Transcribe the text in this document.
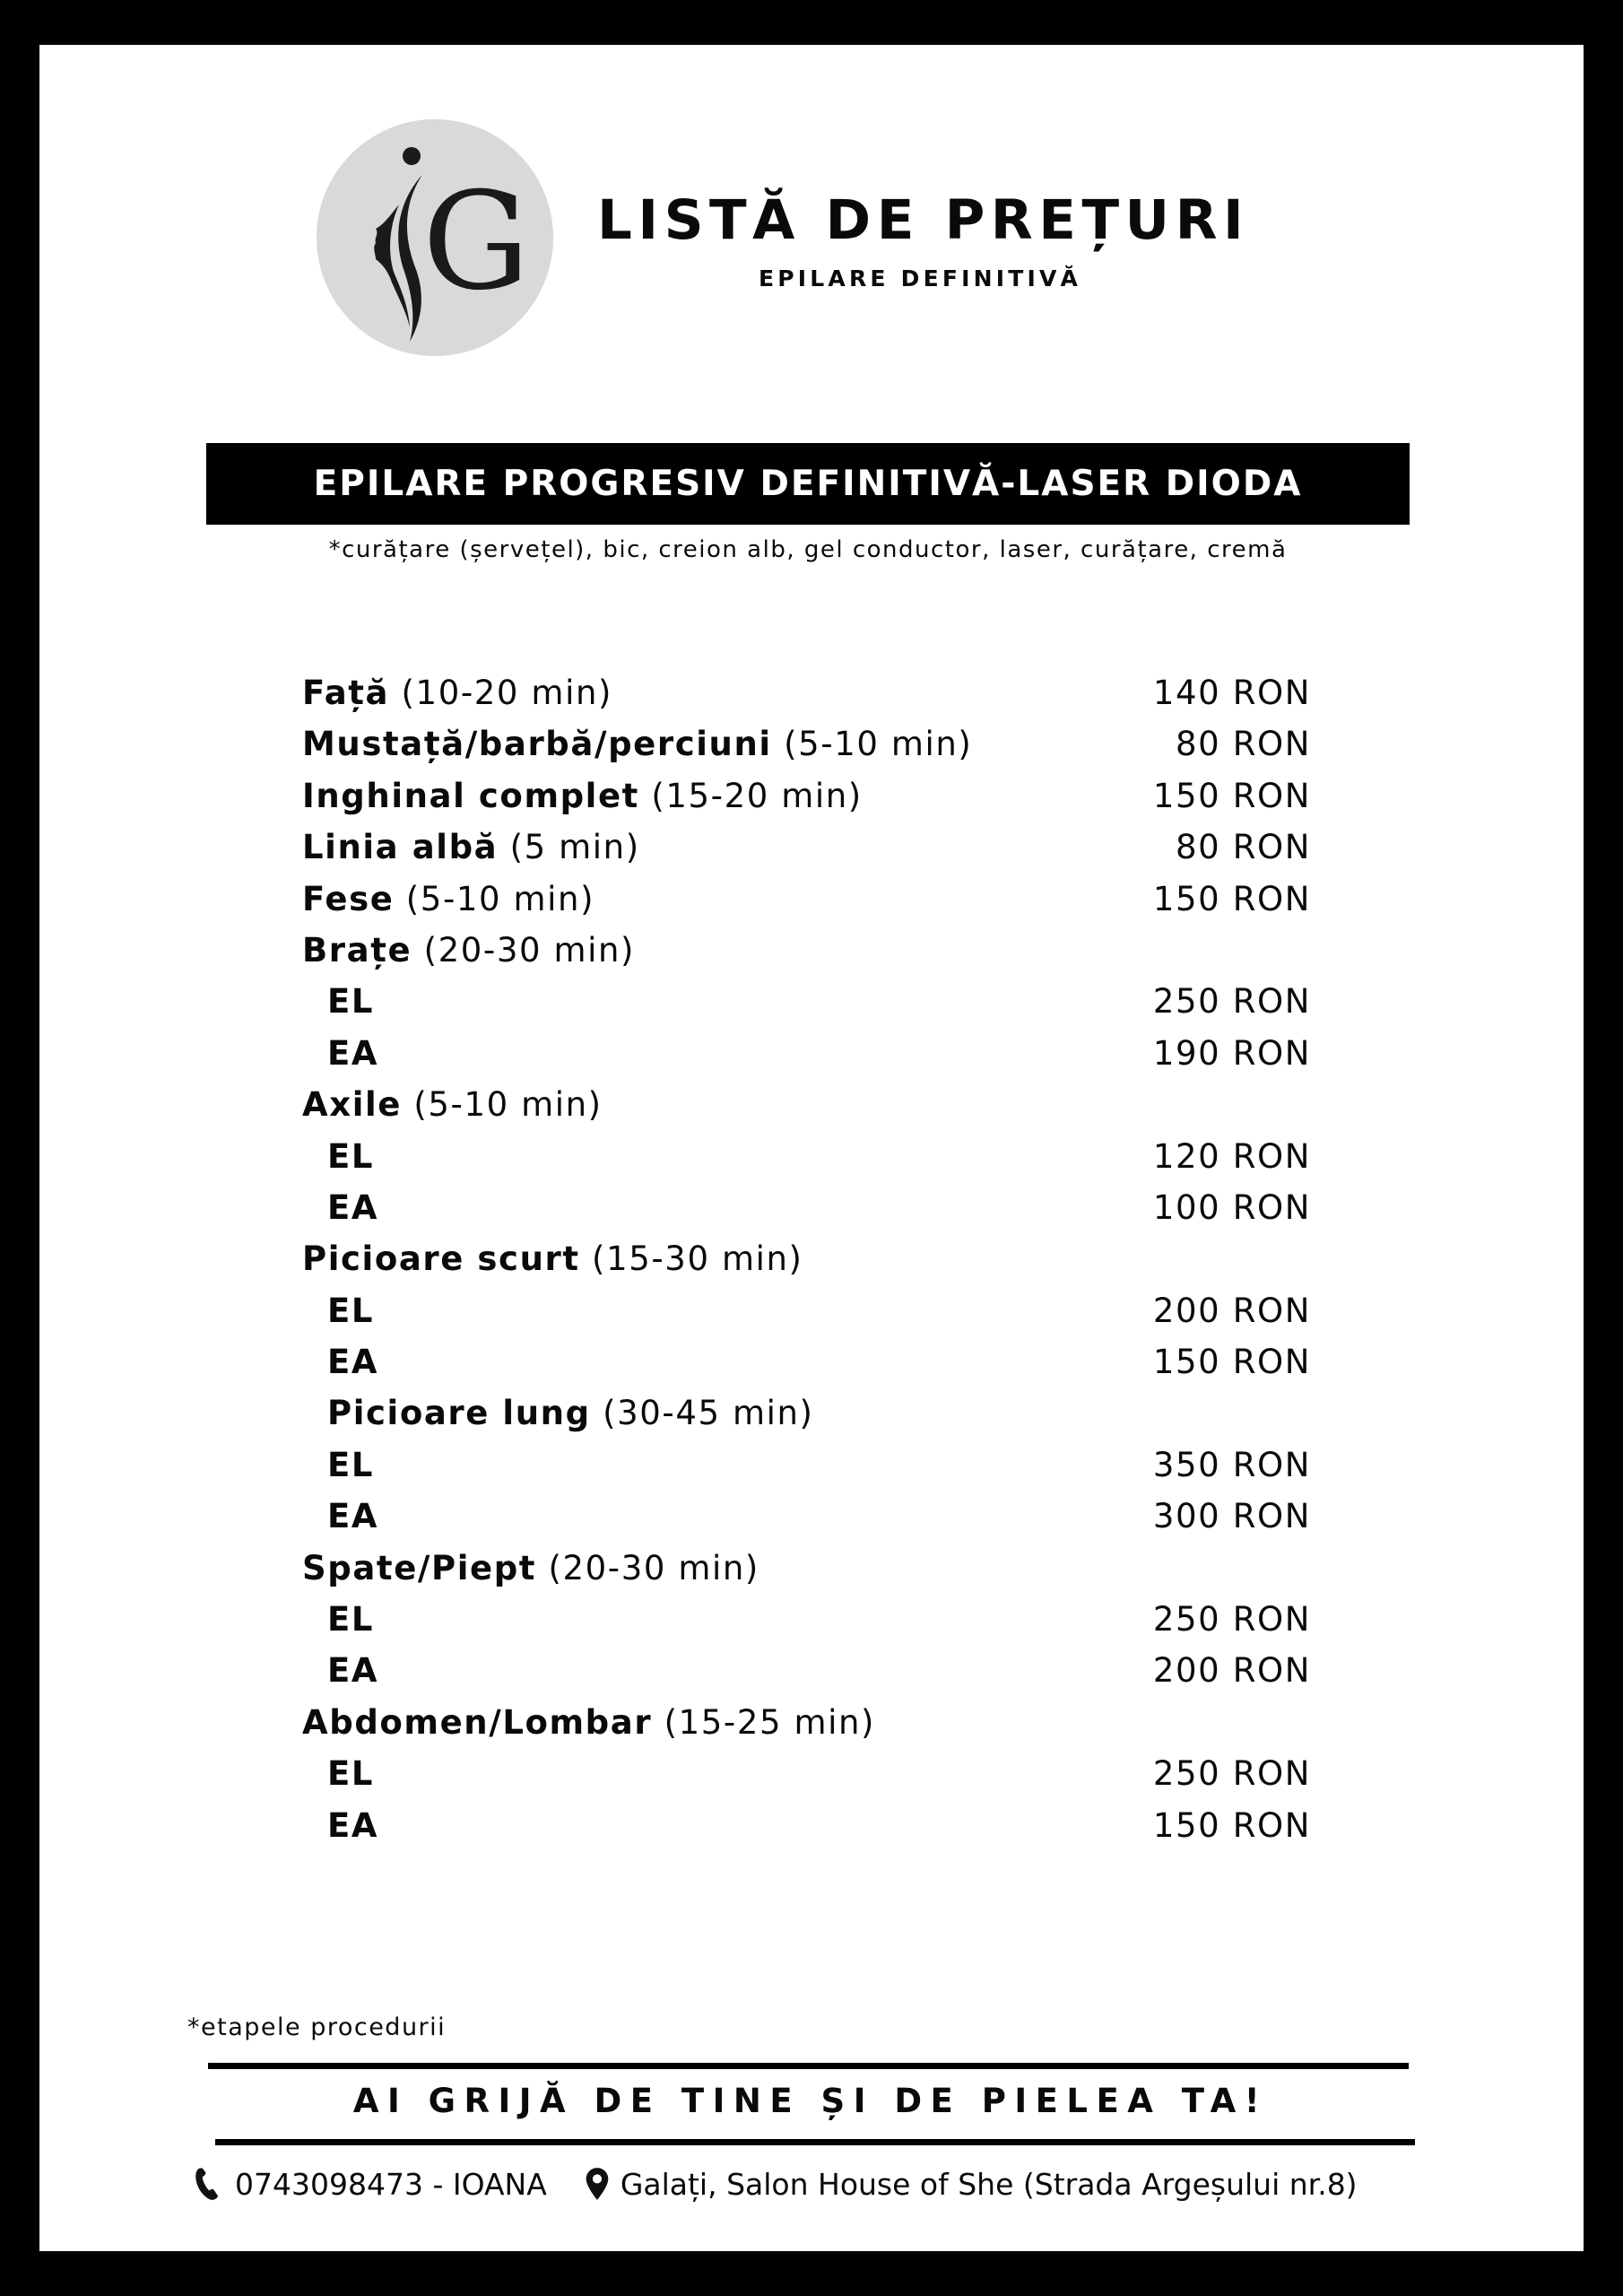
G LISTĂ DE PREȚURI
EPILARE DEFINITIVĂ
EPILARE PROGRESIV DEFINITIVĂ-LASER DIODA
*curățare (șervețel), bic, creion alb, gel conductor, laser, curățare, cremă
Față (10-20 min)	140 RON
Mustață/barbă/perciuni (5-10 min)	80 RON
Inghinal complet (15-20 min)	150 RON
Linia albă (5 min)	80 RON
Fese (5-10 min)	150 RON
Brațe (20-30 min)
EL	250 RON
EA	190 RON
Axile (5-10 min)
EL	120 RON
EA	100 RON
Picioare scurt (15-30 min)
EL	200 RON
EA	150 RON
Picioare lung (30-45 min)
EL	350 RON
EA	300 RON
Spate/Piept (20-30 min)
EL	250 RON
EA	200 RON
Abdomen/Lombar (15-25 min)
EL	250 RON
EA	150 RON
*etapele procedurii
AI GRIJĂ DE TINE ȘI DE PIELEA TA!
0743098473 - IOANA Galați, Salon House of She (Strada Argeșului nr.8)
